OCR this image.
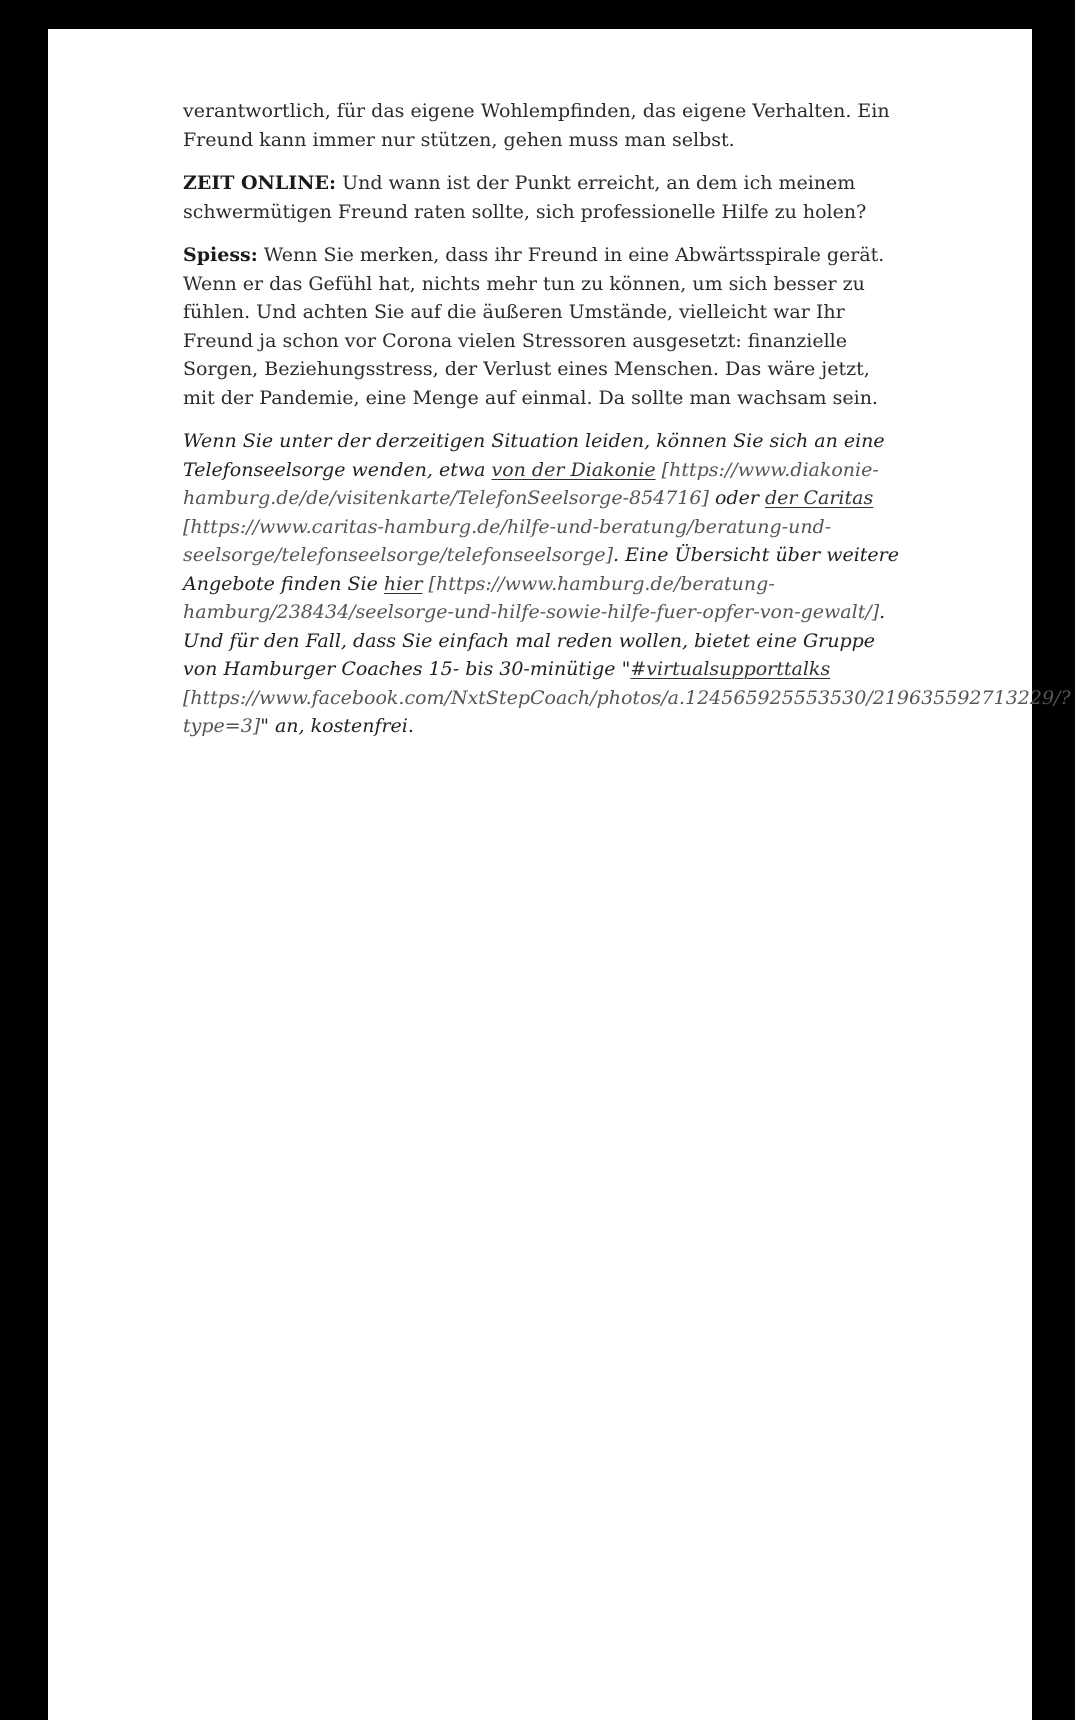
verantwortlich, für das eigene Wohlempfinden, das eigene Verhalten. Ein Freund kann immer nur stützen, gehen muss man selbst.

ZEIT ONLINE: Und wann ist der Punkt erreicht, an dem ich meinem schwermütigen Freund raten sollte, sich professionelle Hilfe zu holen?

Spiess: Wenn Sie merken, dass ihr Freund in eine Abwärtsspirale gerät. Wenn er das Gefühl hat, nichts mehr tun zu können, um sich besser zu fühlen. Und achten Sie auf die äußeren Umstände, vielleicht war Ihr Freund ja schon vor Corona vielen Stressoren ausgesetzt: finanzielle Sorgen, Beziehungsstress, der Verlust eines Menschen. Das wäre jetzt, mit der Pandemie, eine Menge auf einmal. Da sollte man wachsam sein.

Wenn Sie unter der derzeitigen Situation leiden, können Sie sich an eine Telefonseelsorge wenden, etwa von der Diakonie [https://www.diakonie-hamburg.de/de/visitenkarte/TelefonSeelsorge-854716] oder der Caritas [https://www.caritas-hamburg.de/hilfe-und-beratung/beratung-und-seelsorge/telefonseelsorge/telefonseelsorge]. Eine Übersicht über weitere Angebote finden Sie hier [https://www.hamburg.de/beratung-hamburg/238434/seelsorge-und-hilfe-sowie-hilfe-fuer-opfer-von-gewalt/]. Und für den Fall, dass Sie einfach mal reden wollen, bietet eine Gruppe von Hamburger Coaches 15- bis 30-minütige "#virtualsupporttalks [https://www.facebook.com/NxtStepCoach/photos/a.124565925553530/219635592713229/?type=3]" an, kostenfrei.
